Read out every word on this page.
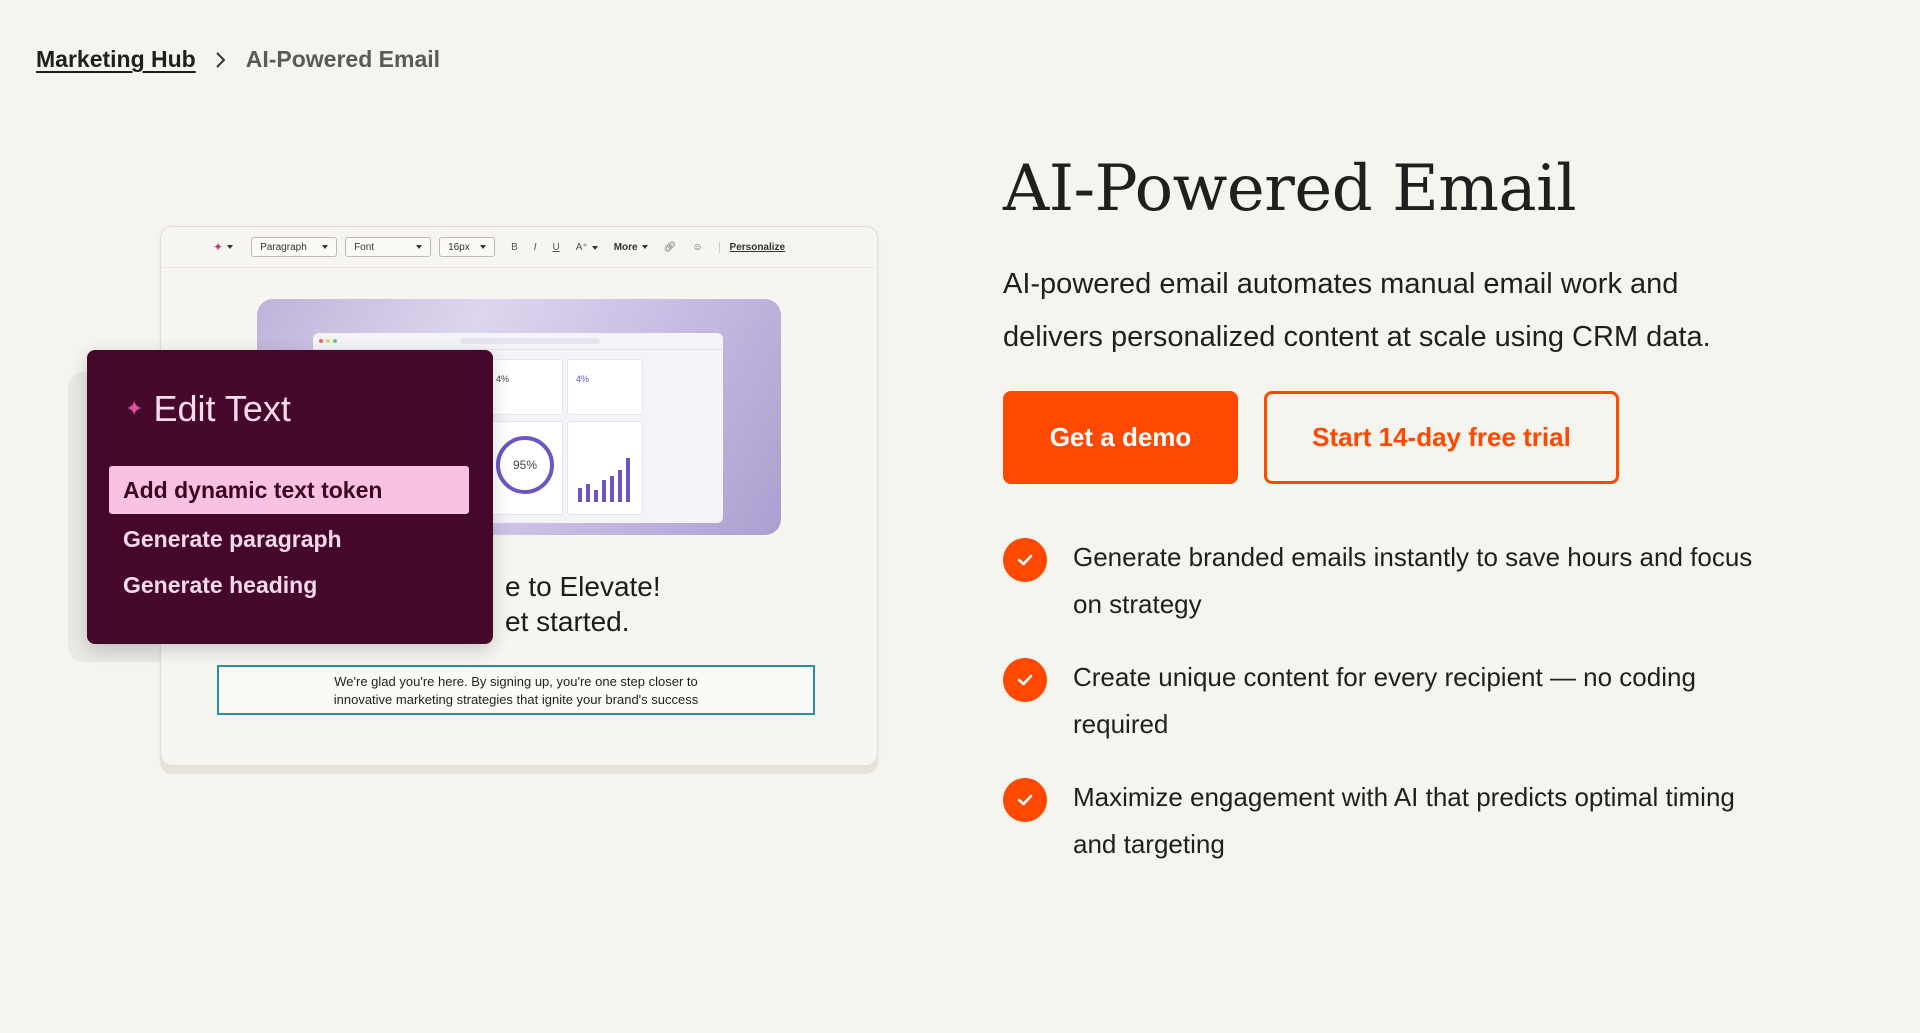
Marketing Hub AI-Powered Email
✦	Paragraph	Font	16px	B I U A⁺	More	🔗︎ ☺	Personalize
4%	4%
95%
e to Elevate!
et started.
We're glad you're here. By signing up, you're one step closer to
innovative marketing strategies that ignite your brand's success
✦ Edit Text
Add dynamic text token
Generate paragraph
Generate heading
AI-Powered Email

AI-powered email automates manual email work and
delivers personalized content at scale using CRM data.

Get a demo	Start 14-day free trial
Generate branded emails instantly to save hours and focus
on strategy
Create unique content for every recipient — no coding
required
Maximize engagement with AI that predicts optimal timing
and targeting
